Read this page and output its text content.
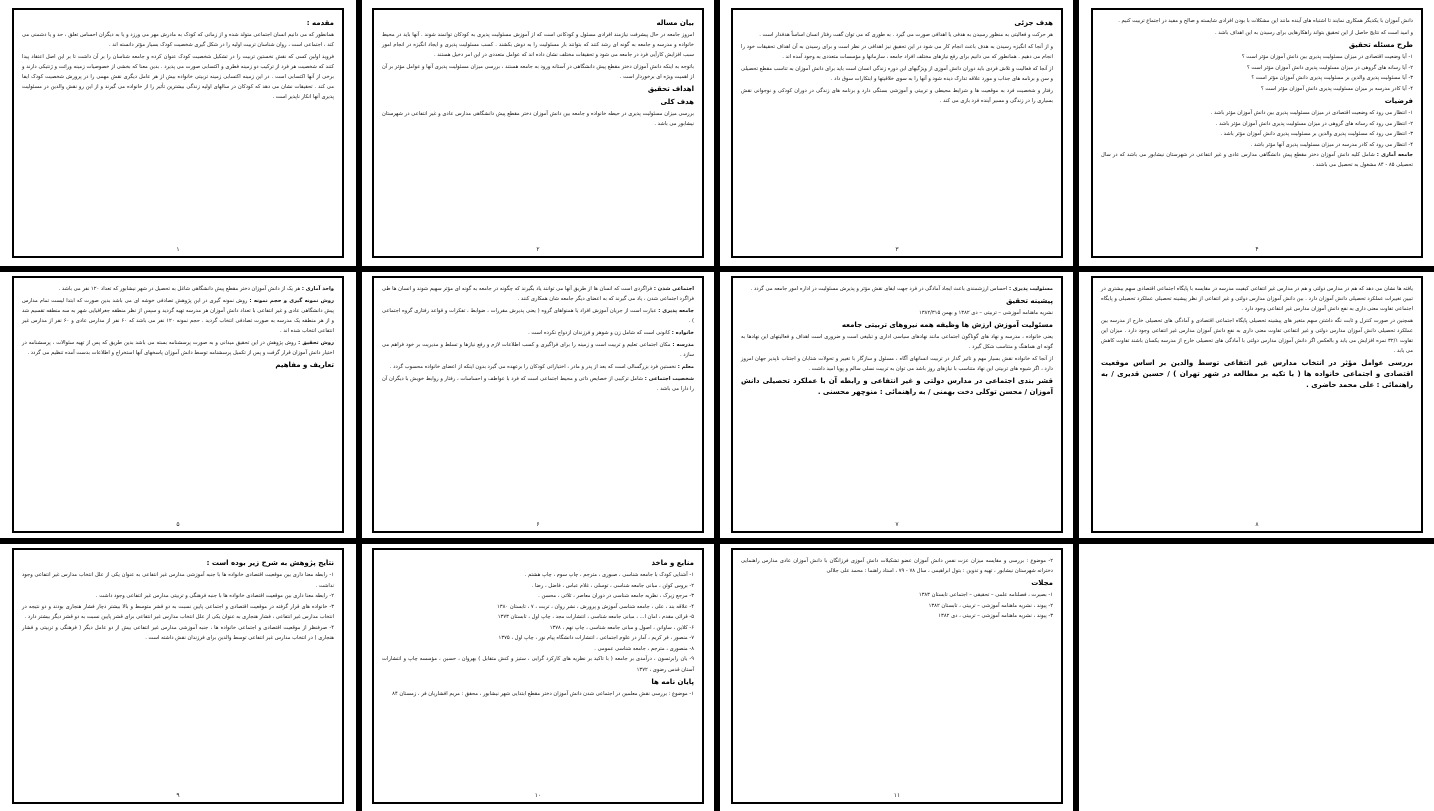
مقدمه :
همانطور که می دانیم انسان اجتماعی متولد شده و از زمانی که کودک به مادرش مهر می ورزد و یا به دیگران احساس تعلق ، حد و یا دشمنی می کند ، اجتماعی است ، روان شناسان تربیت اولیه را در شکل گیری شخصیت کودک بسیار مؤثر دانسته اند .
فروید اولین کسی که نقش نخستین تربیت را در تشکیل شخصیت کودک عنوان کرده و جامعه شناسان را بر آن داشت تا بر این اصل اعتقاد پیدا کنند که شخصیت هر فرد از ترکیب دو زمینه فطری و اکتسابی صورت می پذیرد . بدین معنا که بخشی از خصوصیات زمینه وراثت و ژنتیکی دارند و برخی از آنها اکتسابی است . در این زمینه اکتسابی زمینه تربیتی خانواده بیش از هر عامل دیگری نقش مهمی را در پرورش شخصیت کودک ایفا می کند . تحقیقات نشان می دهد که کودکان در سالهای اولیه زندگی بیشترین تأثیر را از خانواده می گیرند و از این رو نقش والدین در مسئولیت پذیری آنها انکار ناپذیر است .
۱
بیان مساله
امروز جامعه در حال پیشرفت نیازمند افرادی مسئول و کودکانی است که از آموزش مسئولیت پذیری به کودکان توانمند شوند . آنها باید در محیط خانواده و مدرسه و جامعه به گونه ای رشد کنند که بتوانند بار مسئولیت را به دوش بکشند . کسب مسئولیت پذیری و ایجاد انگیزه در انجام امور سبب افزایش کارآیی فرد در جامعه می شود و تحقیقات مختلف نشان داده اند که عوامل متعددی در این امر دخیل هستند .
باتوجه به اینکه دانش آموزان دختر مقطع پیش دانشگاهی در آستانه ورود به جامعه هستند ، بررسی میزان مسئولیت پذیری آنها و عوامل مؤثر بر آن از اهمیت ویژه ای برخوردار است .
اهداف تحقیق
هدف کلی
بررسی میزان مسئولیت پذیری در حیطه خانواده و جامعه بین دانش آموزان دختر مقطع پیش دانشگاهی مدارس عادی و غیر انتفاعی در شهرستان نیشابور می باشد .
۲
هدف جزئی
هر حرکت و فعالیتی به منظور رسیدن به هدفی یا اهدافی صورت می گیرد . به طوری که می توان گفت رفتار انسان اساساً هدفدار است .
و از آنجا که انگیزه رسیدن به هدف باعث انجام کار می شود در این تحقیق نیز اهدافی در نظر است و برای رسیدن به آن اهداف تحقیقات خود را انجام می دهیم . همانطور که می دانیم برای رفع نیازهای مختلف افراد جامعه ، سازمانها و مؤسسات متعددی به وجود آمده اند .
از آنجا که فعالیت و تلاش فردی باید دوران دانش آموزی از ویژگیهای این دوره زندگی انسان است باید برای دانش آموزان به تناسب مقطع تحصیلی و سن و برنامه های جذاب و مورد علاقه تدارک دیده شود و آنها را به سوی خلاقیتها و ابتکارات سوق داد .
رفتار و شخصیت فرد به موقعیت ها و شرایط محیطی و تربیتی و آموزشی بستگی دارد و برنامه های زندگی در دوران کودکی و نوجوانی نقش بسیاری را در زندگی و مسیر آینده فرد بازی می کند .
۳
دانش آموزان با یکدیگر همکاری نمایند تا اشتباه های آینده مانند این مشکلات با بودن افرادی شایسته و صالح و مفید در اجتماع تربیت کنیم .
و امید است که نتایج حاصل از این تحقیق بتواند راهکارهایی برای رسیدن به این اهداف باشد .
طرح مسئله تحقیق
۱- آیا وضعیت اقتصادی در میزان مسئولیت پذیری بین دانش آموزان مؤثر است ؟
۲- آیا رسانه های گروهی در میزان مسئولیت پذیری دانش آموزان مؤثر است ؟
۳- آیا مسئولیت پذیری والدین بر مسئولیت پذیری دانش آموزان مؤثر است ؟
۴- آیا کادر مدرسه بر میزان مسئولیت پذیری دانش آموزان مؤثر است ؟
فرضیات
۱- انتظار می رود که وضعیت اقتصادی در میزان مسئولیت پذیری بین دانش آموزان مؤثر باشد .
۲- انتظار می رود که رسانه های گروهی در میزان مسئولیت پذیری دانش آموزان مؤثر باشد .
۳- انتظار می رود که مسئولیت پذیری والدین بر مسئولیت پذیری دانش آموزان مؤثر باشد .
۴- انتظار می رود که کادر مدرسه در میزان مسئولیت پذیری آنها مؤثر باشد .
جامعه آماری : شامل کلیه دانش آموزان دختر مقطع پیش دانشگاهی مدارس عادی و غیر انتفاعی در شهرستان نیشابور می باشد که در سال تحصیلی ۸۵ - ۸۴ مشغول به تحصیل می باشند .
۴
واحد آماری : هر یک از دانش آموزان دختر مقطع پیش دانشگاهی شاغل به تحصیل در شهر نیشابور که تعداد ۱۲۰ نفر می باشد .
روش نمونه گیری و حجم نمونه : روش نمونه گیری در این پژوهش تصادفی خوشه ای می باشد بدین صورت که ابتدا لیست تمام مدارس پیش دانشگاهی عادی و غیر انتفاعی با تعداد دانش آموزان هر مدرسه تهیه گردید و سپس از نظر منطقه جغرافیایی شهر به سه منطقه تقسیم شد و از هر منطقه یک مدرسه به صورت تصادفی انتخاب گردید . حجم نمونه ۱۲۰ نفر می باشد که ۶۰ نفر از مدارس عادی و ۶۰ نفر از مدارس غیر انتفاعی انتخاب شده اند .
روش تحقیق : روش پژوهش در این تحقیق میدانی و به صورت پرسشنامه بسته می باشد بدین طریق که پس از تهیه سئوالات ، پرسشنامه در اختیار دانش آموزان قرار گرفت و پس از تکمیل پرسشنامه توسط دانش آموزان پاسخهای آنها استخراج و اطلاعات بدست آمده تنظیم می گردد .
تعاریف و مفاهیم
۵
اجتماعی شدن : فراگردی است که انسان ها از طریق آنها می توانند یاد بگیرند که چگونه در جامعه به گونه ای مؤثر سهیم شوند و انسان ها طی فراگرد اجتماعی شدن ، یاد می گیرند که به اعضای دیگر جامعه شان همکاری کنند .
جامعه پذیری : عبارت است از جریان آموزش افراد یا همنواهای گروه ( یعنی پذیرش مقررات ، ضوابط ، تفکرات و قواعد رفتاری گروه اجتماعی ) .
خانواده : کانونی است که شامل زن و شوهر و فرزندان ازدواج نکرده است .
مدرسه : مکان اجتماعی تعلیم و تربیت است و زمینه را برای فراگیری و کسب اطلاعات لازم و رفع نیازها و تسلط و مدیریت بر خود فراهم می سازد .
معلم : نخستین فرد بزرگسالی است که بعد از پدر و مادر ، اختیاراتی کودکان را برعهده می گیرد بدون اینکه از اعضای خانواده محسوب گردد .
شخصیت اجتماعی : شامل ترکیبی از خصایص ذاتی و محیط اجتماعی است که فرد با عواطف و احساسات ، رفتار و روابط خویش با دیگران آن را دارا می باشد .
۶
مسئولیت پذیری : احساس ارزشمندی باعث ایجاد آمادگی در فرد جهت ایفای نقش مؤثر و پذیرش مسئولیت در اداره امور جامعه می گردد .
پیشینه تحقیق
نشریه ماهنامه آموزشی – تربیتی – دی ۱۳۸۲ و بهمن ۱۳۸۲/۳۱۵
مسئولیت آموزش ارزش ها وظیفه همه نیروهای تربیتی جامعه
یعنی خانواده ، مدرسه و نهاد های گوناگون اجتماعی مانند نهادهای سیاسی اداری و تبلیغی است و ضروری است اهداف و فعالیتهای این نهادها به گونه ای هماهنگ و متناسب شکل گیرد .
از آنجا که خانواده نقش بسیار مهم و تاثیر گذار در تربیت انسانهای آگاه ، مسئول و سازگار با تغییر و تحولات شتابان و اجتناب ناپذیر جهان امروز دارد ، اگر شیوه های تربیتی این نهاد متناسب با نیازهای روز باشد می توان به تربیت نسلی سالم و پویا امید داشت .
قشر بندی اجتماعی در مدارس دولتی و غیر انتفاعی و رابطه آن با عملکرد تحصیلی دانش آموزان / محسن توکلی دخت بهمنی / به راهنمائی : منوچهر محسنی .
۷
یافته ها نشان می دهد که هم در مدارس دولتی و هم در مدارس غیر انتفاعی کیفیت مدرسه در مقایسه با پایگاه اجتماعی اقتصادی سهم بیشتری در تبیین تغییرات عملکرد تحصیلی دانش آموزان دارد . بین دانش آموزان مدارس دولتی و غیر انتفاعی از نظر پیشینه تحصیلی عملکرد تحصیلی و پایگاه اجتماعی تفاوت معنی داری به نفع دانش آموزان مدارس غیر انتفاعی وجود دارد .
همچنین در صورت کنترل و ثابت نگه داشتن سهم متغیر های پیشینه تحصیلی پایگاه اجتماعی اقتصادی و آمادگی های تحصیلی خارج از مدرسه بین عملکرد تحصیلی دانش آموزان مدارس دولتی و غیر انتفاعی تفاوت معنی داری به نفع دانش آموزان مدارس غیر انتفاعی وجود دارد . میزان این تفاوت ۳۲/۱ نمره افزایش می یابد و بالعکس اگر دانش آموزان مدارس دولتی با آمادگی های تحصیلی خارج از مدرسه یکسان باشند تفاوت کاهش می یابد .
بررسی عوامل مؤثر در انتخاب مدارس غیر انتفاعی توسط والدین بر اساس موقعیت اقتصادی و اجتماعی خانواده ها ( با تکیه بر مطالعه در شهر تهران ) / حسین قدیری / به راهنمائی : علی محمد حاضری .
۸
نتایج پژوهش به شرح زیر بوده است :
۱- رابطه معنا داری بین موقعیت اقتصادی خانواده ها با جنبه آموزشی مدارس غیر انتفاعی به عنوان یکی از علل انتخاب مدارس غیر انتفاعی وجود نداشت .
۲- رابطه معنا داری بین موقعیت اقتصادی خانواده ها با جنبه فرهنگی و تربیتی مدارس غیر انتفاعی وجود داشت .
۳- خانواده های قرار گرفته در موقعیت اقتصادی و اجتماعی پایین نسبت به دو قشر متوسط و بالا بیشتر دچار فشار هنجاری بودند و دو نتیجه در انتخاب مدارس غیر انتفاعی ، فشار هنجاری به عنوان یکی از علل انتخاب مدارس غیر انتفاعی برای قشر پایین نسبت به دو قشر دیگر بیشتر دارد .
۴- صرفنظر از موقعیت اقتصادی و اجتماعی خانواده ها ، جنبه آموزشی مدارس غیر انتفاعی بیش از دو عامل دیگر ( فرهنگی و تربیتی و فشار هنجاری ) در انتخاب مدارس غیر انتفاعی توسط والدین برای فرزندان نقش داشته است .
۹
منابع و ماخذ
۱- آشنایی کودک با جامعه شناسی ، صبوری ، مترجم ، چاپ سوم ، چاپ هشتم .
۲- بروس کوئن ، مبانی جامعه شناسی ، توسلی ، غلام عباس ، فاضل ، رضا .
۳- مرجع زیرک ، نظریه جامعه شناسی در دوران معاصر ، ثلاثی ، محسن .
۴- علاقه بند ، علی ، جامعه شناسی آموزش و پرورش ، نشر روان ، تربت ، ۷ ، تابستان ۱۳۸۰
۵- قرائی مقدم ، امان ا... ، مبانی جامعه شناسی ، انتشارات مجد ، چاپ اول ، تابستان ۱۳۷۳
۶- کلاین ، ساوانن ، اصول و مبانی جامعه شناسی ، چاپ نهم ، ۱۳۷۸
۷- منصور ، فر کریم ، آمار در علوم اجتماعی ، انتشارات دانشگاه پیام نور ، چاپ اول ، ۱۳۷۵
۸- منصوری ، مترجم ، جامعه شناسی عمومی .
۹- یان رابرتسون ، درآمدی بر جامعه ( با تاکید بر نظریه های کارکرد گرایی ، ستیز و کنش متقابل ) بهروان ، حسین ، مؤسسه چاپ و انتشارات آستان قدس رضوی ، ۱۳۷۲
پایان نامه ها
۱- موضوع : بررسی نقش معلمین در اجتماعی شدن دانش آموزان دختر مقطع ابتدایی شهر نیشابور ، محقق : مریم افشاریان فر ، زمستان ۸۴
۱۰
۲- موضوع : بررسی و مقایسه میزان عزت نفس دانش آموزان عضو تشکیلات دانش آموزی فرزانگان با دانش آموزان عادی مدارس راهنمایی دخترانه شهرستان نیشابور ، تهیه و تدوین : بتول ابراهیمی ، سال ۷۸ - ۷۹ ، استاد راهنما : محمد علی جلالی
مجلات
۱- بصیرت ، فصلنامه علمی – تحقیقی – اجتماعی تابستان ۱۳۸۳
۲- پیوند ، نشریه ماهنامه آموزشی – تربیتی ، تابستان ۱۳۸۲
۳- پیوند ، نشریه ماهنامه آموزشی – تربیتی ، دی ۱۳۸۲
۱۱
